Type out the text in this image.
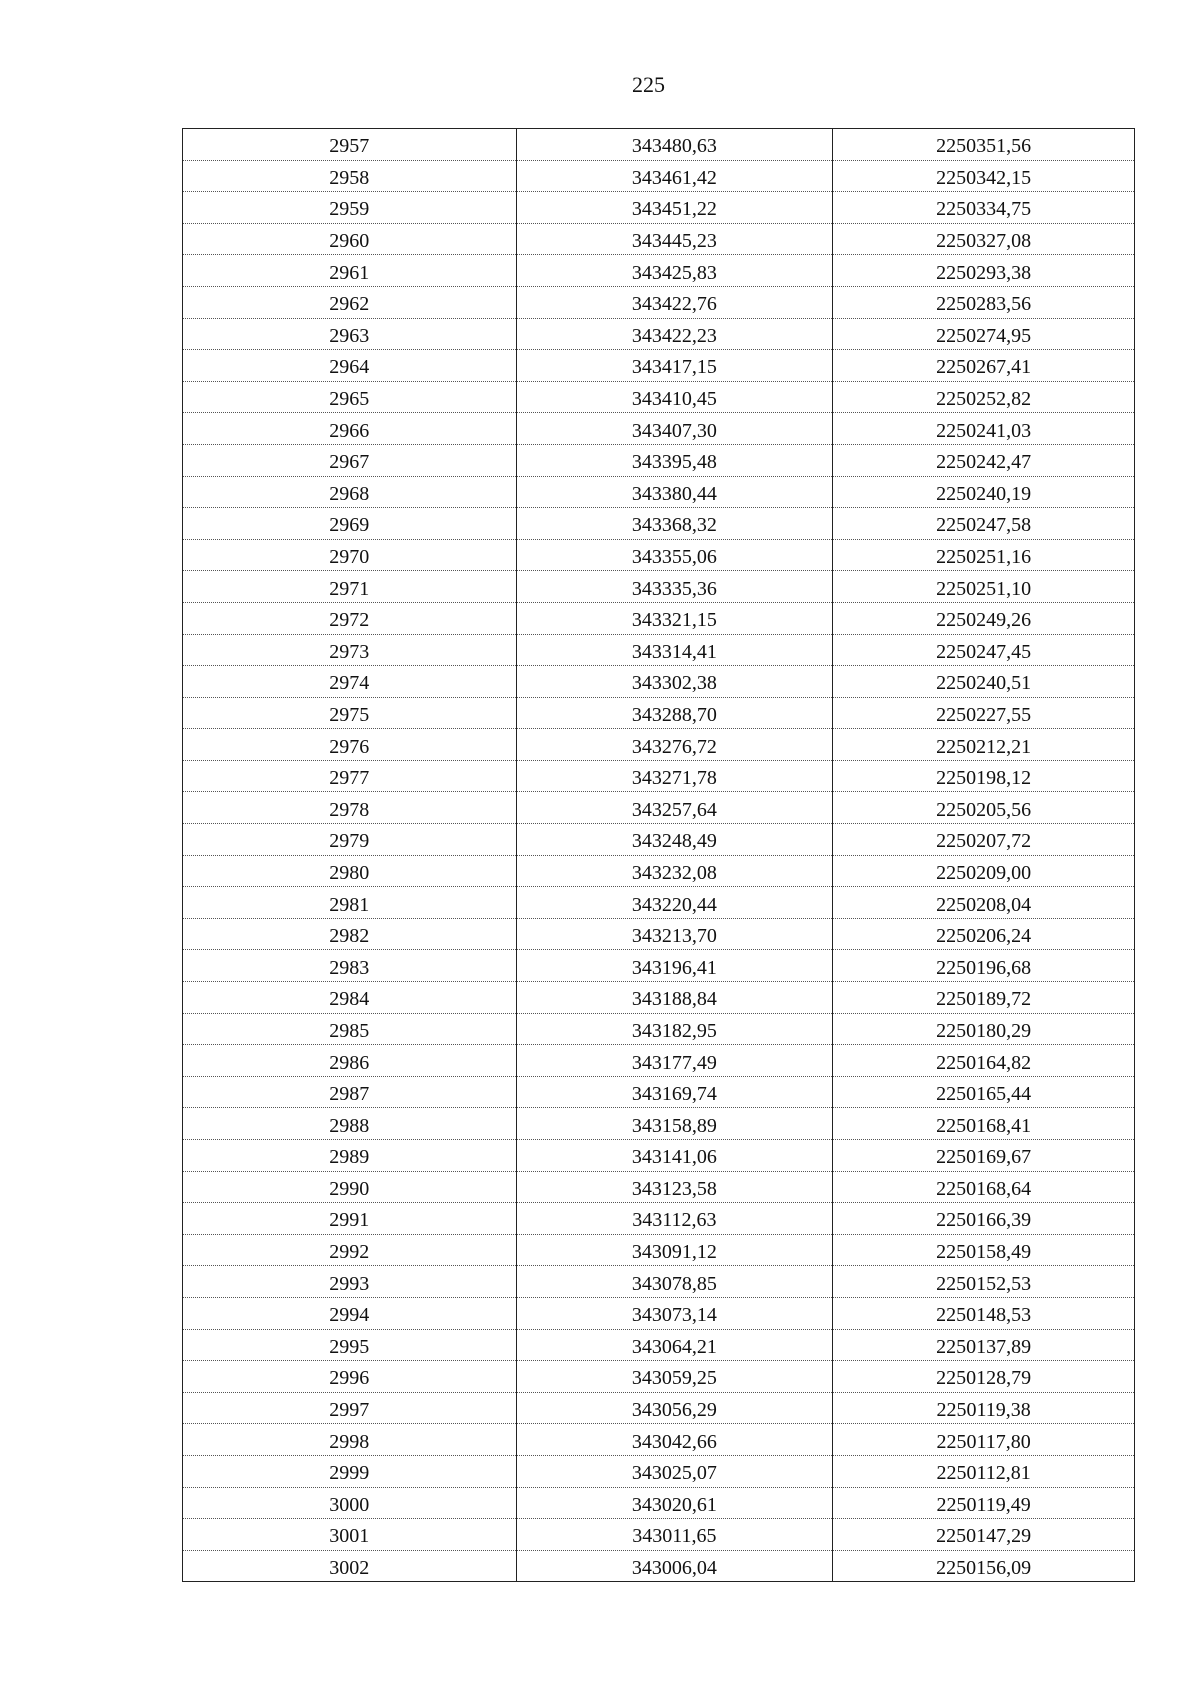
225
2957	343480,63	2250351,56
2958	343461,42	2250342,15
2959	343451,22	2250334,75
2960	343445,23	2250327,08
2961	343425,83	2250293,38
2962	343422,76	2250283,56
2963	343422,23	2250274,95
2964	343417,15	2250267,41
2965	343410,45	2250252,82
2966	343407,30	2250241,03
2967	343395,48	2250242,47
2968	343380,44	2250240,19
2969	343368,32	2250247,58
2970	343355,06	2250251,16
2971	343335,36	2250251,10
2972	343321,15	2250249,26
2973	343314,41	2250247,45
2974	343302,38	2250240,51
2975	343288,70	2250227,55
2976	343276,72	2250212,21
2977	343271,78	2250198,12
2978	343257,64	2250205,56
2979	343248,49	2250207,72
2980	343232,08	2250209,00
2981	343220,44	2250208,04
2982	343213,70	2250206,24
2983	343196,41	2250196,68
2984	343188,84	2250189,72
2985	343182,95	2250180,29
2986	343177,49	2250164,82
2987	343169,74	2250165,44
2988	343158,89	2250168,41
2989	343141,06	2250169,67
2990	343123,58	2250168,64
2991	343112,63	2250166,39
2992	343091,12	2250158,49
2993	343078,85	2250152,53
2994	343073,14	2250148,53
2995	343064,21	2250137,89
2996	343059,25	2250128,79
2997	343056,29	2250119,38
2998	343042,66	2250117,80
2999	343025,07	2250112,81
3000	343020,61	2250119,49
3001	343011,65	2250147,29
3002	343006,04	2250156,09
